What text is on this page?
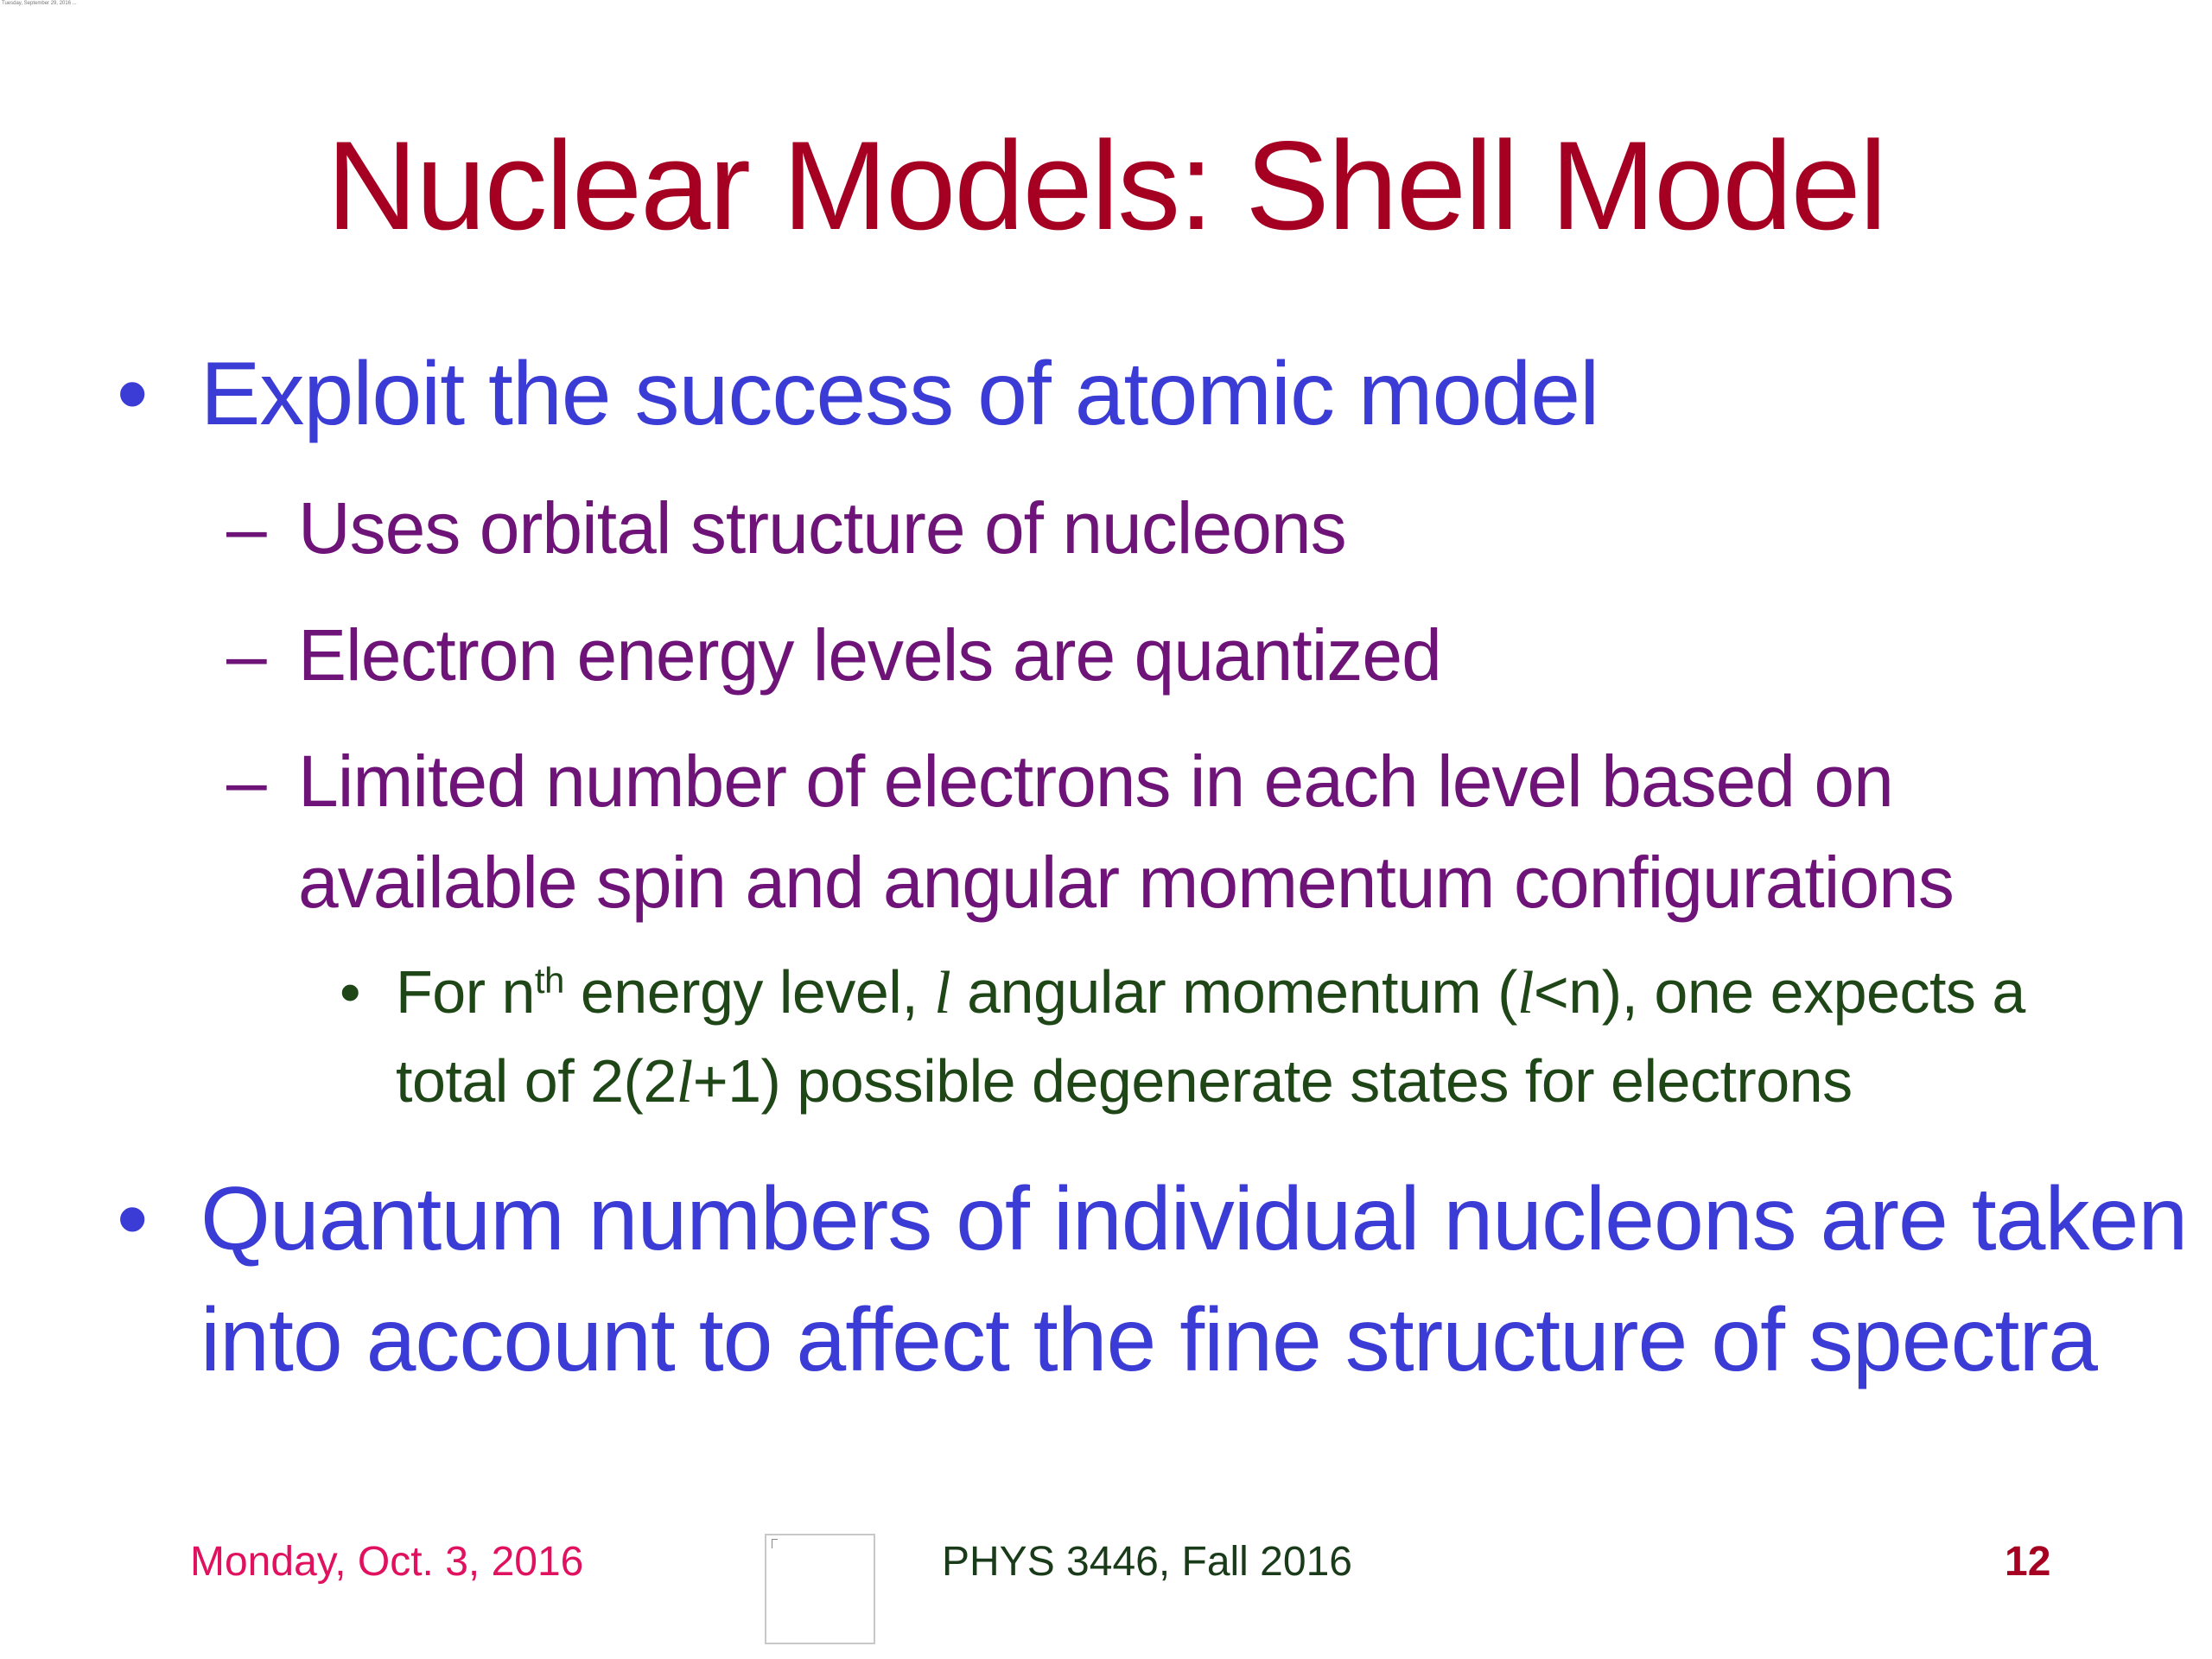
Tuesday, September 29, 2016 ...
Nuclear Models: Shell Model
• Exploit the success of atomic model
– Uses orbital structure of nucleons
– Electron energy levels are quantized
– Limited number of electrons in each level based on
available spin and angular momentum configurations
• For $n^{th}$ energy level, l angular momentum (l<n), one expects a
total of 2(2l+1) possible degenerate states for electrons
• Quantum numbers of individual nucleons are taken
into account to affect the fine structure of spectra
Monday, Oct. 3, 2016	PHYS 3446, Fall 2016	12
